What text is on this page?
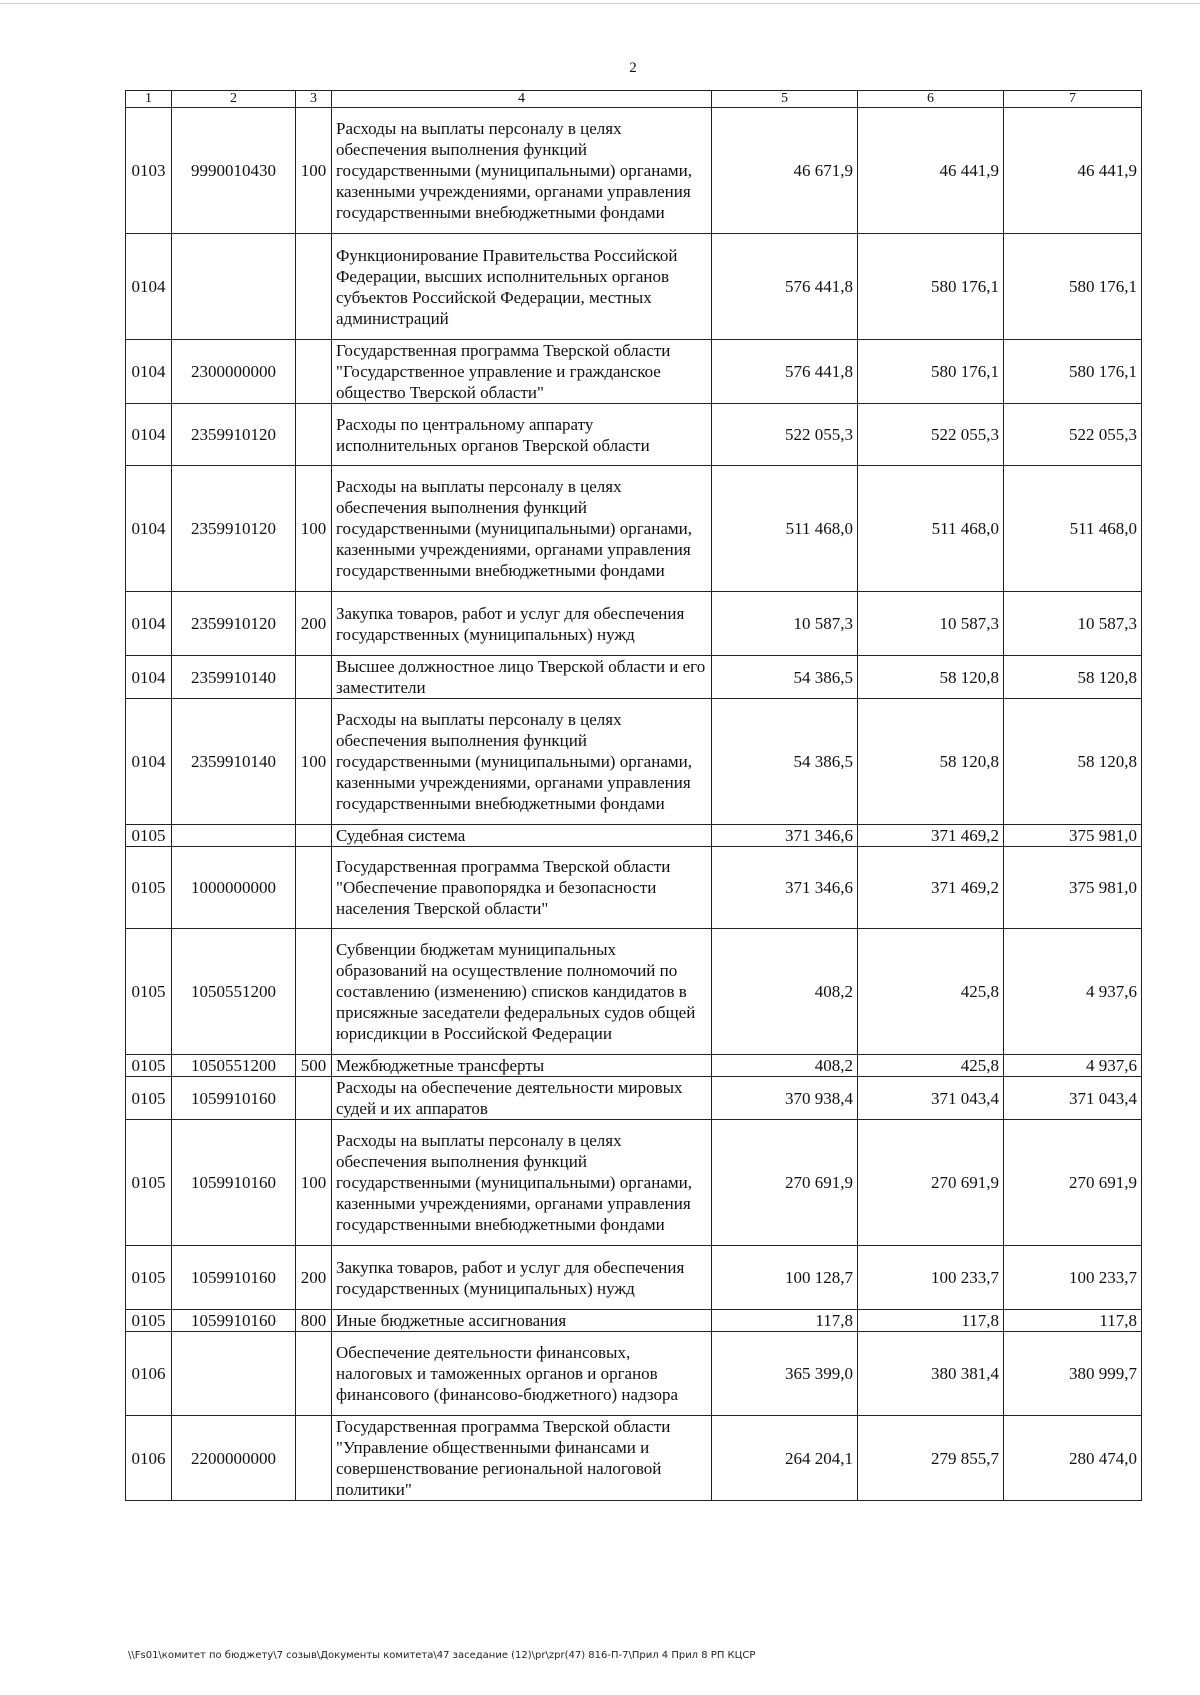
2
1	2	3	4	5	6	7
0103	9990010430	100	Расходы на выплаты персоналу в целях обеспечения выполнения функций государственными (муниципальными) органами, казенными учреждениями, органами управления государственными внебюджетными фондами	46 671,9	46 441,9	46 441,9
0104			Функционирование Правительства Российской Федерации, высших исполнительных органов субъектов Российской Федерации, местных администраций	576 441,8	580 176,1	580 176,1
0104	2300000000		Государственная программа Тверской области "Государственное управление и гражданское общество Тверской области"	576 441,8	580 176,1	580 176,1
0104	2359910120		Расходы по центральному аппарату исполнительных органов Тверской области	522 055,3	522 055,3	522 055,3
0104	2359910120	100	Расходы на выплаты персоналу в целях обеспечения выполнения функций государственными (муниципальными) органами, казенными учреждениями, органами управления государственными внебюджетными фондами	511 468,0	511 468,0	511 468,0
0104	2359910120	200	Закупка товаров, работ и услуг для обеспечения государственных (муниципальных) нужд	10 587,3	10 587,3	10 587,3
0104	2359910140		Высшее должностное лицо Тверской области и его заместители	54 386,5	58 120,8	58 120,8
0104	2359910140	100	Расходы на выплаты персоналу в целях обеспечения выполнения функций государственными (муниципальными) органами, казенными учреждениями, органами управления государственными внебюджетными фондами	54 386,5	58 120,8	58 120,8
0105			Судебная система	371 346,6	371 469,2	375 981,0
0105	1000000000		Государственная программа Тверской области "Обеспечение правопорядка и безопасности населения Тверской области"	371 346,6	371 469,2	375 981,0
0105	1050551200		Субвенции бюджетам муниципальных образований на осуществление полномочий по составлению (изменению) списков кандидатов в присяжные заседатели федеральных судов общей юрисдикции в Российской Федерации	408,2	425,8	4 937,6
0105	1050551200	500	Межбюджетные трансферты	408,2	425,8	4 937,6
0105	1059910160		Расходы на обеспечение деятельности мировых судей и их аппаратов	370 938,4	371 043,4	371 043,4
0105	1059910160	100	Расходы на выплаты персоналу в целях обеспечения выполнения функций государственными (муниципальными) органами, казенными учреждениями, органами управления государственными внебюджетными фондами	270 691,9	270 691,9	270 691,9
0105	1059910160	200	Закупка товаров, работ и услуг для обеспечения государственных (муниципальных) нужд	100 128,7	100 233,7	100 233,7
0105	1059910160	800	Иные бюджетные ассигнования	117,8	117,8	117,8
0106			Обеспечение деятельности финансовых, налоговых и таможенных органов и органов финансового (финансово-бюджетного) надзора	365 399,0	380 381,4	380 999,7
0106	2200000000		Государственная программа Тверской области "Управление общественными финансами и совершенствование региональной налоговой политики"	264 204,1	279 855,7	280 474,0
\\Fs01\комитет по бюджету\7 созыв\Документы комитета\47 заседание (12)\pr\zpr(47) 816-П-7\Прил 4 Прил 8 РП КЦСР
